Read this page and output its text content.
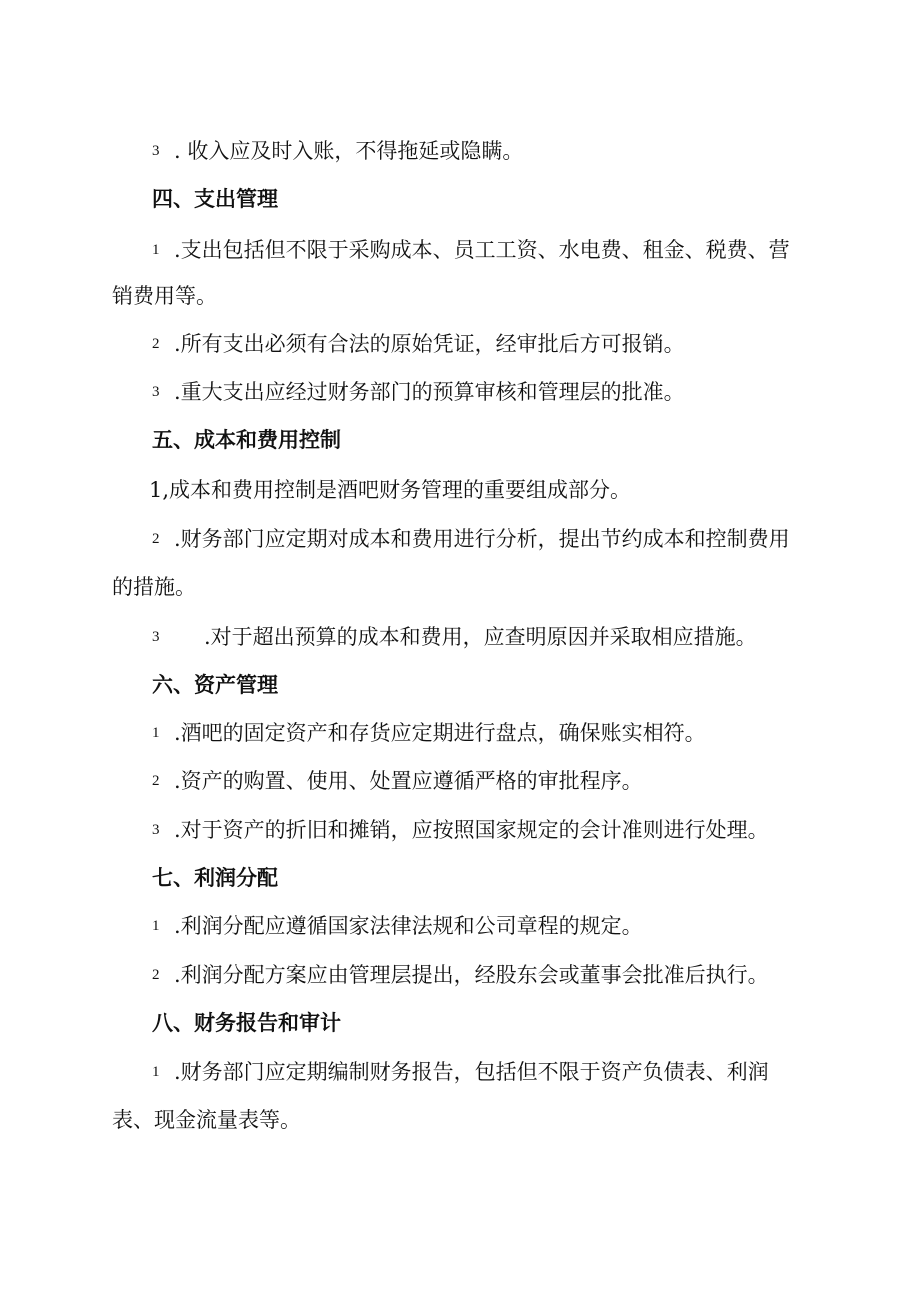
3 . 收入应及时入账，不得拖延或隐瞒。
四、支出管理
1 .支出包括但不限于采购成本、员工工资、水电费、租金、税费、营
销费用等。
2 .所有支出必须有合法的原始凭证，经审批后方可报销。
3 .重大支出应经过财务部门的预算审核和管理层的批准。
五、成本和费用控制
1,成本和费用控制是酒吧财务管理的重要组成部分。
2 .财务部门应定期对成本和费用进行分析，提出节约成本和控制费用
的措施。
3 .对于超出预算的成本和费用，应查明原因并采取相应措施。
六、资产管理
1 .酒吧的固定资产和存货应定期进行盘点，确保账实相符。
2 .资产的购置、使用、处置应遵循严格的审批程序。
3 .对于资产的折旧和摊销，应按照国家规定的会计准则进行处理。
七、利润分配
1 .利润分配应遵循国家法律法规和公司章程的规定。
2 .利润分配方案应由管理层提出，经股东会或董事会批准后执行。
八、财务报告和审计
1 .财务部门应定期编制财务报告，包括但不限于资产负债表、利润
表、现金流量表等。
